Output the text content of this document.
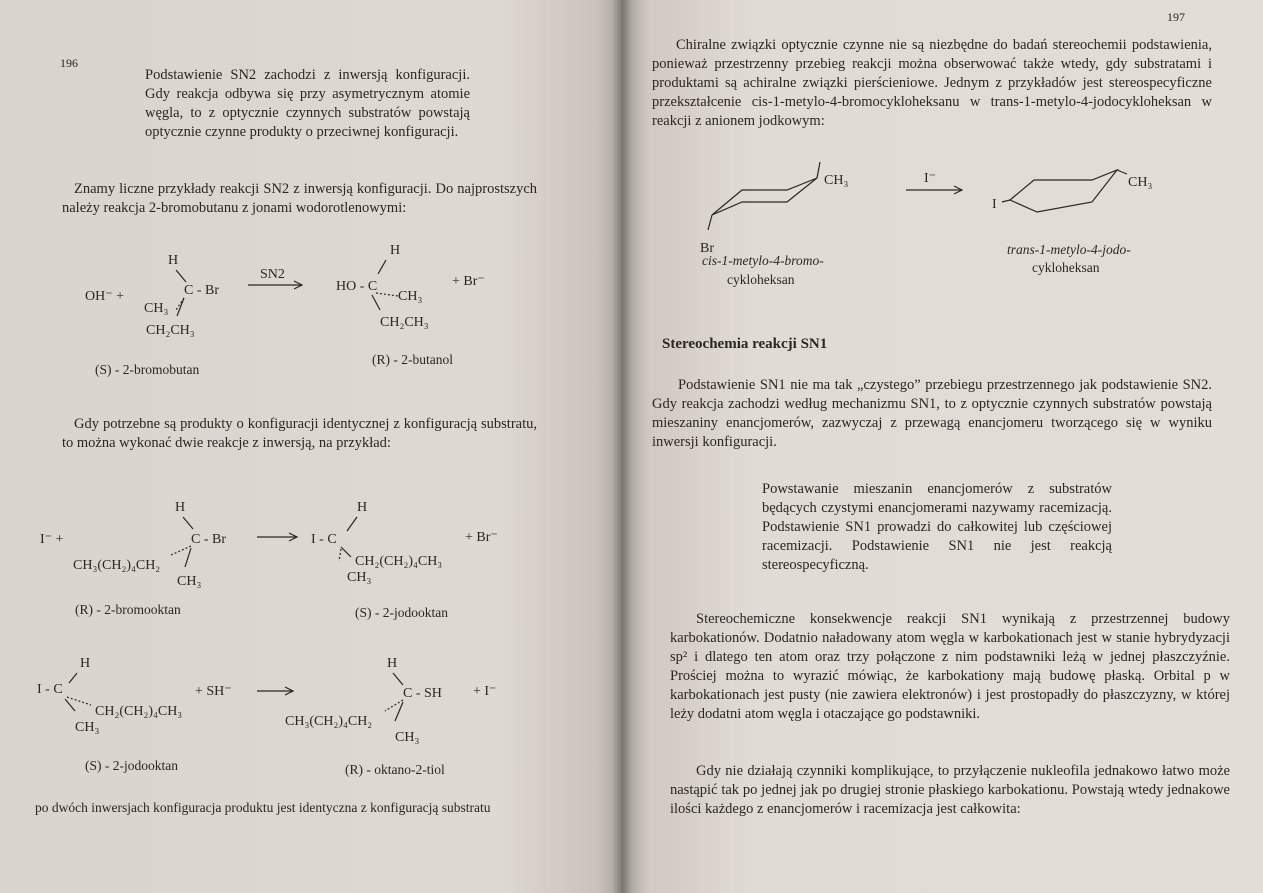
196

Podstawienie SN2 zachodzi z inwersją konfiguracji. Gdy reakcja odbywa się przy asymetrycznym atomie węgla, to z optycznie czynnych substratów powstają optycznie czynne produkty o przeciwnej konfiguracji.

Znamy liczne przykłady reakcji SN2 z inwersją konfiguracji. Do najprostszych należy reakcja 2-bromobutanu z jonami wodorotlenowymi:

OH⁻ +
H
C - Br
CH₃
CH₂CH₃
SN2
H
HO - C
CH₃
CH₂CH₃
+ Br⁻
(S) - 2-bromobutan
(R) - 2-butanol

Gdy potrzebne są produkty o konfiguracji identycznej z konfiguracją substratu, to można wykonać dwie reakcje z inwersją, na przykład:

I⁻ +
H
C - Br
CH₃(CH₂)₄CH₂
CH₃
H
I - C
CH₂(CH₂)₄CH₃
CH₃
+ Br⁻
(R) - 2-bromooktan	(S) - 2-jodooktan
H
I - C
CH₂(CH₂)₄CH₃
CH₃
+ SH⁻
H
C - SH
CH₃(CH₂)₄CH₂
CH₃
+ I⁻
(S) - 2-jodooktan	(R) - oktano-2-tiol
po dwóch inwersjach konfiguracja produktu jest identyczna z konfiguracją substratu
197

Chiralne związki optycznie czynne nie są niezbędne do badań stereochemii podstawienia, ponieważ przestrzenny przebieg reakcji można obserwować także wtedy, gdy substratami i produktami są achiralne związki pierścieniowe. Jednym z przykładów jest stereospecyficzne przekształcenie cis-1-metylo-4-bromocykloheksanu w trans-1-metylo-4-jodocykloheksan w reakcji z anionem jodkowym:

CH₃
Br
I⁻
I
CH₃
cis-1-metylo-4-bromo-
cykloheksan
trans-1-metylo-4-jodo-
cykloheksan
Stereochemia reakcji SN1

Podstawienie SN1 nie ma tak „czystego” przebiegu przestrzennego jak podstawienie SN2. Gdy reakcja zachodzi według mechanizmu SN1, to z optycznie czynnych substratów powstają mieszaniny enancjomerów, zazwyczaj z przewagą enancjomeru tworzącego się w wyniku inwersji konfiguracji.

Powstawanie mieszanin enancjomerów z substratów będących czystymi enancjomerami nazywamy racemizacją. Podstawienie SN1 prowadzi do całkowitej lub częściowej racemizacji. Podstawienie SN1 nie jest reakcją stereospecyficzną.

Stereochemiczne konsekwencje reakcji SN1 wynikają z przestrzennej budowy karbokationów. Dodatnio naładowany atom węgla w karbokationach jest w stanie hybrydyzacji sp² i dlatego ten atom oraz trzy połączone z nim podstawniki leżą w jednej płaszczyźnie. Prościej można to wyrazić mówiąc, że karbokationy mają budowę płaską. Orbital p w karbokationach jest pusty (nie zawiera elektronów) i jest prostopadły do płaszczyzny, w której leży dodatni atom węgla i otaczające go podstawniki.

Gdy nie działają czynniki komplikujące, to przyłączenie nukleofila jednakowo łatwo może nastąpić tak po jednej jak po drugiej stronie płaskiego karbokationu. Powstają wtedy jednakowe ilości każdego z enancjomerów i racemizacja jest całkowita:
